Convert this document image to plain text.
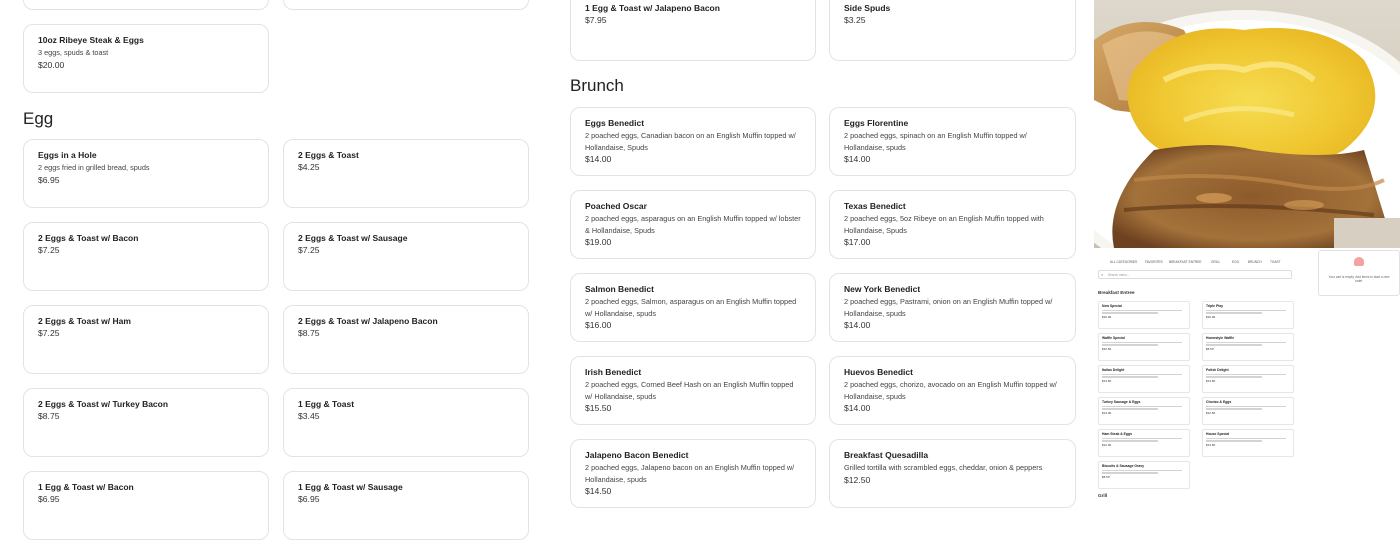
10oz Ribeye Steak & Eggs
3 eggs, spuds & toast
$20.00
Egg
1 Egg & Toast w/ Jalapeno Bacon
$7.95
Side Spuds
$3.25
Brunch
ALL CATEGORIES FAVORITES BREAKFAST ENTREE	GRILL	EGG	BRUNCH	TOAST
⌕ Search menu...	Your cart is empty. Add items to start a new order.
Breakfast Entree
New Special
$10.00
Triple Play
$10.00
Waffle Special
$10.50
Homestyle Waffle
$8.50
Italian Delight
$13.50
Polish Delight
$13.50
Turkey Sausage & Eggs
$13.00
Chorizo & Eggs
$12.50
Ham Steak & Eggs
$12.00
House Special
$13.50
Biscuits & Sausage Gravy
$8.50
Grill
Eggs in a Hole
2 eggs fried in grilled bread, spuds
$6.95
2 Eggs & Toast
$4.25
2 Eggs & Toast w/ Bacon
$7.25
2 Eggs & Toast w/ Sausage
$7.25
2 Eggs & Toast w/ Ham
$7.25
2 Eggs & Toast w/ Jalapeno Bacon
$8.75
2 Eggs & Toast w/ Turkey Bacon
$8.75
1 Egg & Toast
$3.45
1 Egg & Toast w/ Bacon
$6.95
1 Egg & Toast w/ Sausage
$6.95
Eggs Benedict
2 poached eggs, Canadian bacon on an English Muffin topped w/ Hollandaise, Spuds
$14.00
Eggs Florentine
2 poached eggs, spinach on an English Muffin topped w/ Hollandaise, spuds
$14.00
Poached Oscar
2 poached eggs, asparagus on an English Muffin topped w/ lobster & Hollandaise, Spuds
$19.00
Texas Benedict
2 poached eggs, 5oz Ribeye on an English Muffin topped with Hollandaise, Spuds
$17.00
Salmon Benedict
2 poached eggs, Salmon, asparagus on an English Muffin topped w/ Hollandaise, spuds
$16.00
New York Benedict
2 poached eggs, Pastrami, onion on an English Muffin topped w/ Hollandaise, spuds
$14.00
Irish Benedict
2 poached eggs, Corned Beef Hash on an English Muffin topped w/ Hollandaise, spuds
$15.50
Huevos Benedict
2 poached eggs, chorizo, avocado on an English Muffin topped w/ Hollandaise, spuds
$14.00
Jalapeno Bacon Benedict
2 poached eggs, Jalapeno bacon on an English Muffin topped w/ Hollandaise, spuds
$14.50
Breakfast Quesadilla
Grilled tortilla with scrambled eggs, cheddar, onion & peppers
$12.50
